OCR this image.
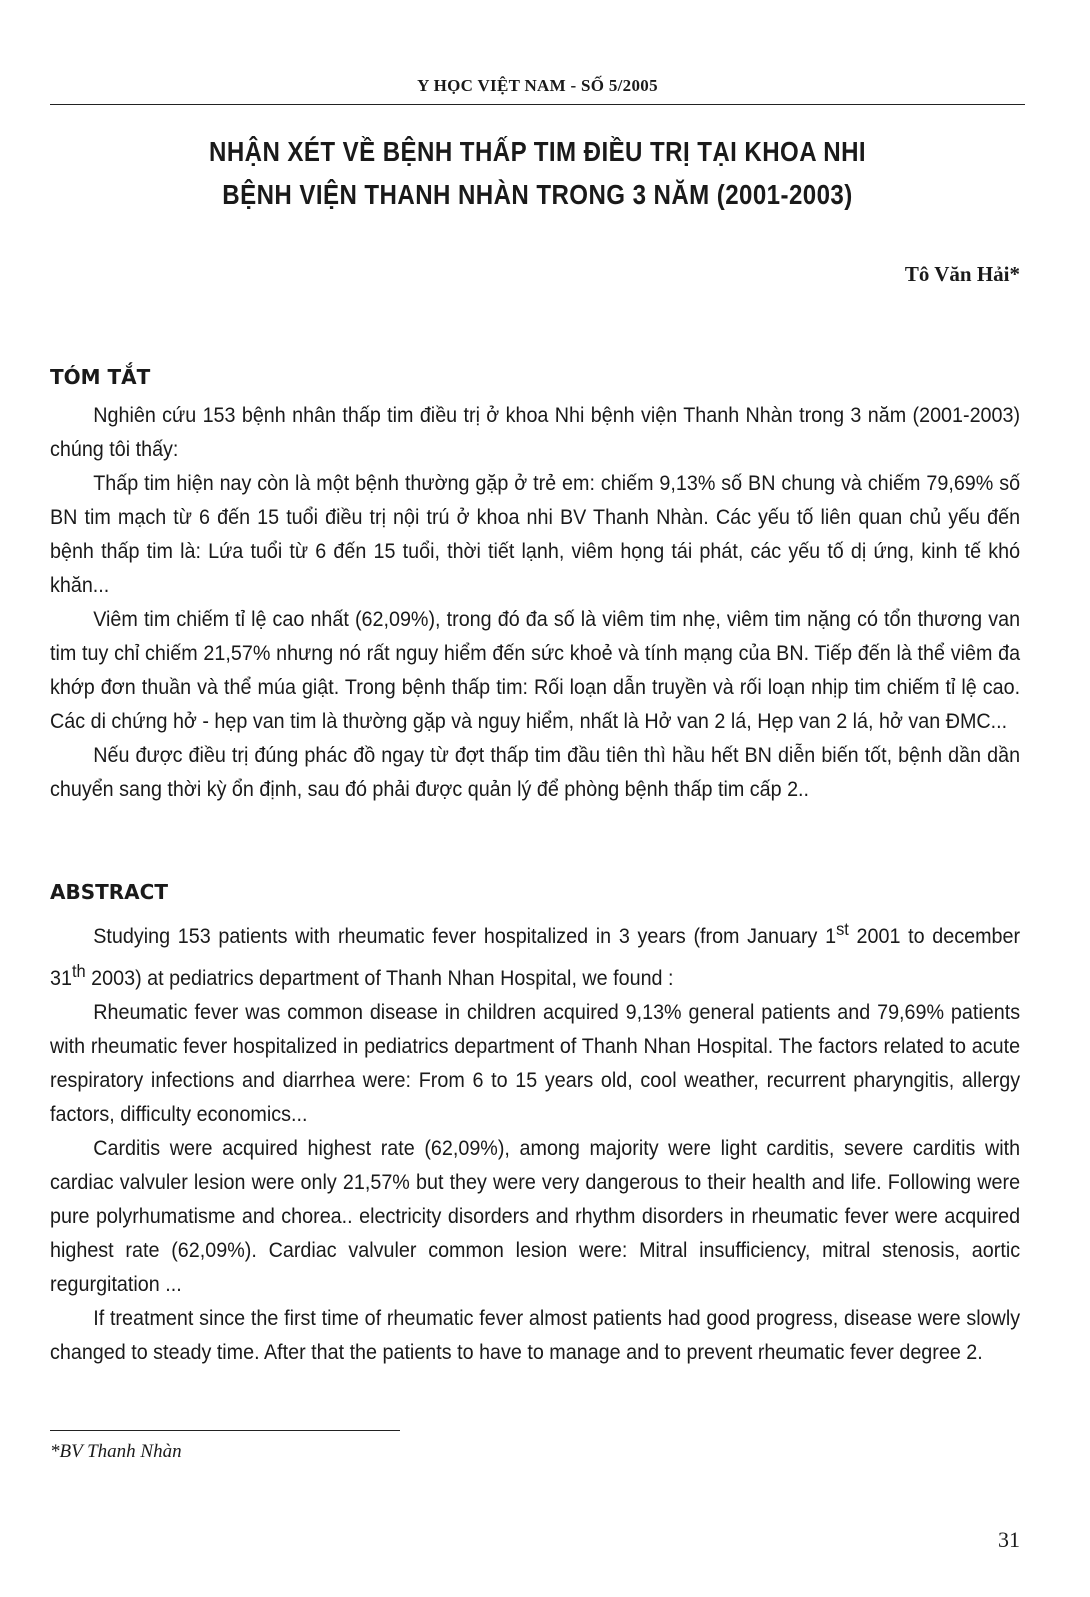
Y HỌC VIỆT NAM - SỐ 5/2005
NHẬN XÉT VỀ BỆNH THẤP TIM ĐIỀU TRỊ TẠI KHOA NHI
BỆNH VIỆN THANH NHÀN TRONG 3 NĂM (2001-2003)
Tô Văn Hải*
TÓM TẮT

Nghiên cứu 153 bệnh nhân thấp tim điều trị ở khoa Nhi bệnh viện Thanh Nhàn trong 3 năm (2001-2003) chúng tôi thấy:

Thấp tim hiện nay còn là một bệnh thường gặp ở trẻ em: chiếm 9,13% số BN chung và chiếm 79,69% số BN tim mạch từ 6 đến 15 tuổi điều trị nội trú ở khoa nhi BV Thanh Nhàn. Các yếu tố liên quan chủ yếu đến bệnh thấp tim là: Lứa tuổi từ 6 đến 15 tuổi, thời tiết lạnh, viêm họng tái phát, các yếu tố dị ứng, kinh tế khó khăn...

Viêm tim chiếm tỉ lệ cao nhất (62,09%), trong đó đa số là viêm tim nhẹ, viêm tim nặng có tổn thương van tim tuy chỉ chiếm 21,57% nhưng nó rất nguy hiểm đến sức khoẻ và tính mạng của BN. Tiếp đến là thể viêm đa khớp đơn thuần và thể múa giật. Trong bệnh thấp tim: Rối loạn dẫn truyền và rối loạn nhịp tim chiếm tỉ lệ cao. Các di chứng hở - hẹp van tim là thường gặp và nguy hiểm, nhất là Hở van 2 lá, Hẹp van 2 lá, hở van ĐMC...

Nếu được điều trị đúng phác đồ ngay từ đợt thấp tim đầu tiên thì hầu hết BN diễn biến tốt, bệnh dần dần chuyển sang thời kỳ ổn định, sau đó phải được quản lý để phòng bệnh thấp tim cấp 2..

ABSTRACT

Studying 153 patients with rheumatic fever hospitalized in 3 years (from January 1st 2001 to december 31th 2003) at pediatrics department of Thanh Nhan Hospital, we found :

Rheumatic fever was common disease in children acquired 9,13% general patients and 79,69% patients with rheumatic fever hospitalized in pediatrics department of Thanh Nhan Hospital. The factors related to acute respiratory infections and diarrhea were: From 6 to 15 years old, cool weather, recurrent pharyngitis, allergy factors, difficulty economics...

Carditis were acquired highest rate (62,09%), among majority were light carditis, severe carditis with cardiac valvuler lesion were only 21,57% but they were very dangerous to their health and life. Following were pure polyrhumatisme and chorea.. electricity disorders and rhythm disorders in rheumatic fever were acquired highest rate (62,09%). Cardiac valvuler common lesion were: Mitral insufficiency, mitral stenosis, aortic regurgitation ...

If treatment since the first time of rheumatic fever almost patients had good progress, disease were slowly changed to steady time. After that the patients to have to manage and to prevent rheumatic fever degree 2.

*BV Thanh Nhàn
31
